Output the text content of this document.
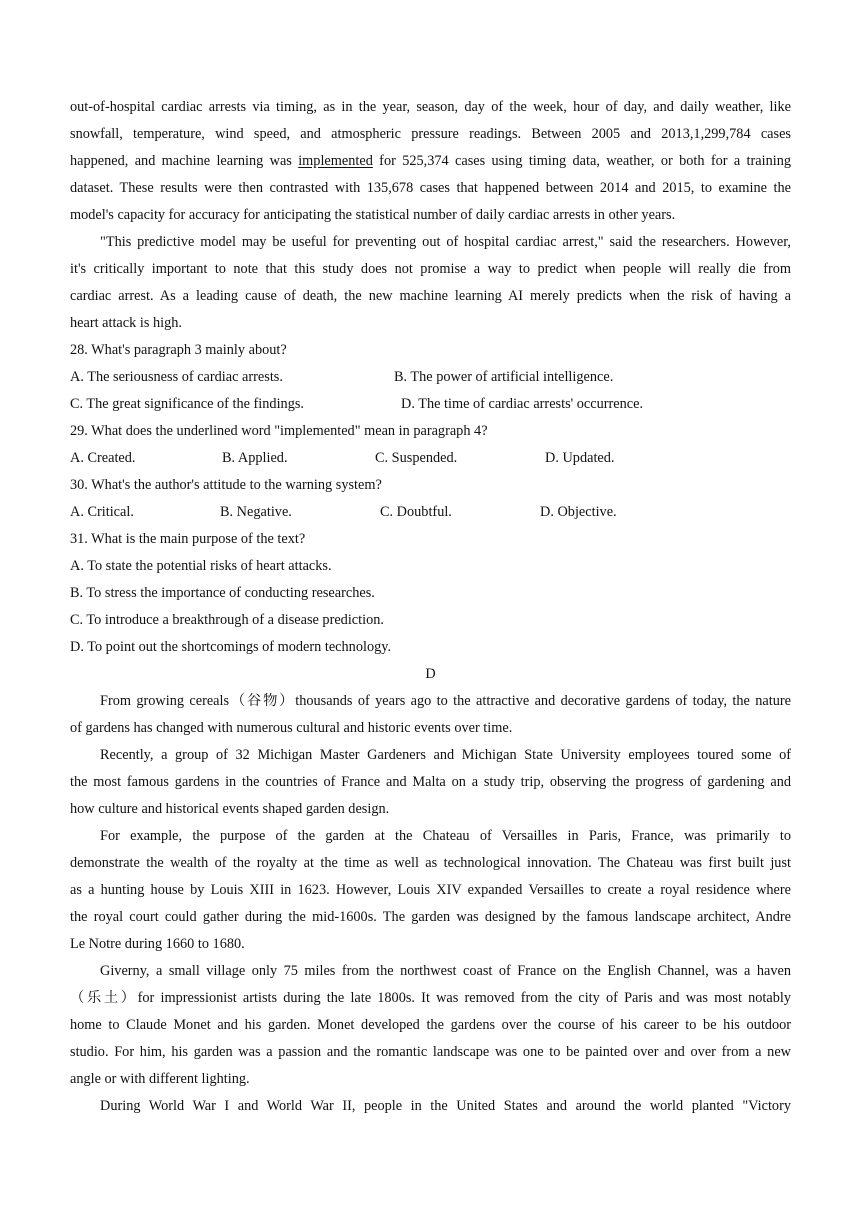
out-of-hospital cardiac arrests via timing, as in the year, season, day of the week, hour of day, and daily weather, like
snowfall, temperature, wind speed, and atmospheric pressure readings. Between 2005 and 2013,1,299,784 cases
happened, and machine learning was implemented for 525,374 cases using timing data, weather, or both for a training
dataset. These results were then contrasted with 135,678 cases that happened between 2014 and 2015, to examine the
model's capacity for accuracy for anticipating the statistical number of daily cardiac arrests in other years.
"This predictive model may be useful for preventing out of hospital cardiac arrest," said the researchers. However,
it's critically important to note that this study does not promise a way to predict when people will really die from
cardiac arrest. As a leading cause of death, the new machine learning AI merely predicts when the risk of having a
heart attack is high.
28. What's paragraph 3 mainly about?
A. The seriousness of cardiac arrests.	B. The power of artificial intelligence.
C. The great significance of the findings.	D. The time of cardiac arrests' occurrence.
29. What does the underlined word "implemented" mean in paragraph 4?
A. Created.	B. Applied.	C. Suspended.	D. Updated.
30. What's the author's attitude to the warning system?
A. Critical.	B. Negative.	C. Doubtful.	D. Objective.
31. What is the main purpose of the text?
A. To state the potential risks of heart attacks.
B. To stress the importance of conducting researches.
C. To introduce a breakthrough of a disease prediction.
D. To point out the shortcomings of modern technology.
D
From growing cereals（谷物）thousands of years ago to the attractive and decorative gardens of today, the nature
of gardens has changed with numerous cultural and historic events over time.
Recently, a group of 32 Michigan Master Gardeners and Michigan State University employees toured some of
the most famous gardens in the countries of France and Malta on a study trip, observing the progress of gardening and
how culture and historical events shaped garden design.
For example, the purpose of the garden at the Chateau of Versailles in Paris, France, was primarily to
demonstrate the wealth of the royalty at the time as well as technological innovation. The Chateau was first built just
as a hunting house by Louis XIII in 1623. However, Louis XIV expanded Versailles to create a royal residence where
the royal court could gather during the mid-1600s. The garden was designed by the famous landscape architect, Andre
Le Notre during 1660 to 1680.
Giverny, a small village only 75 miles from the northwest coast of France on the English Channel, was a haven
（乐土）for impressionist artists during the late 1800s. It was removed from the city of Paris and was most notably
home to Claude Monet and his garden. Monet developed the gardens over the course of his career to be his outdoor
studio. For him, his garden was a passion and the romantic landscape was one to be painted over and over from a new
angle or with different lighting.
During World War I and World War II, people in the United States and around the world planted "Victory
